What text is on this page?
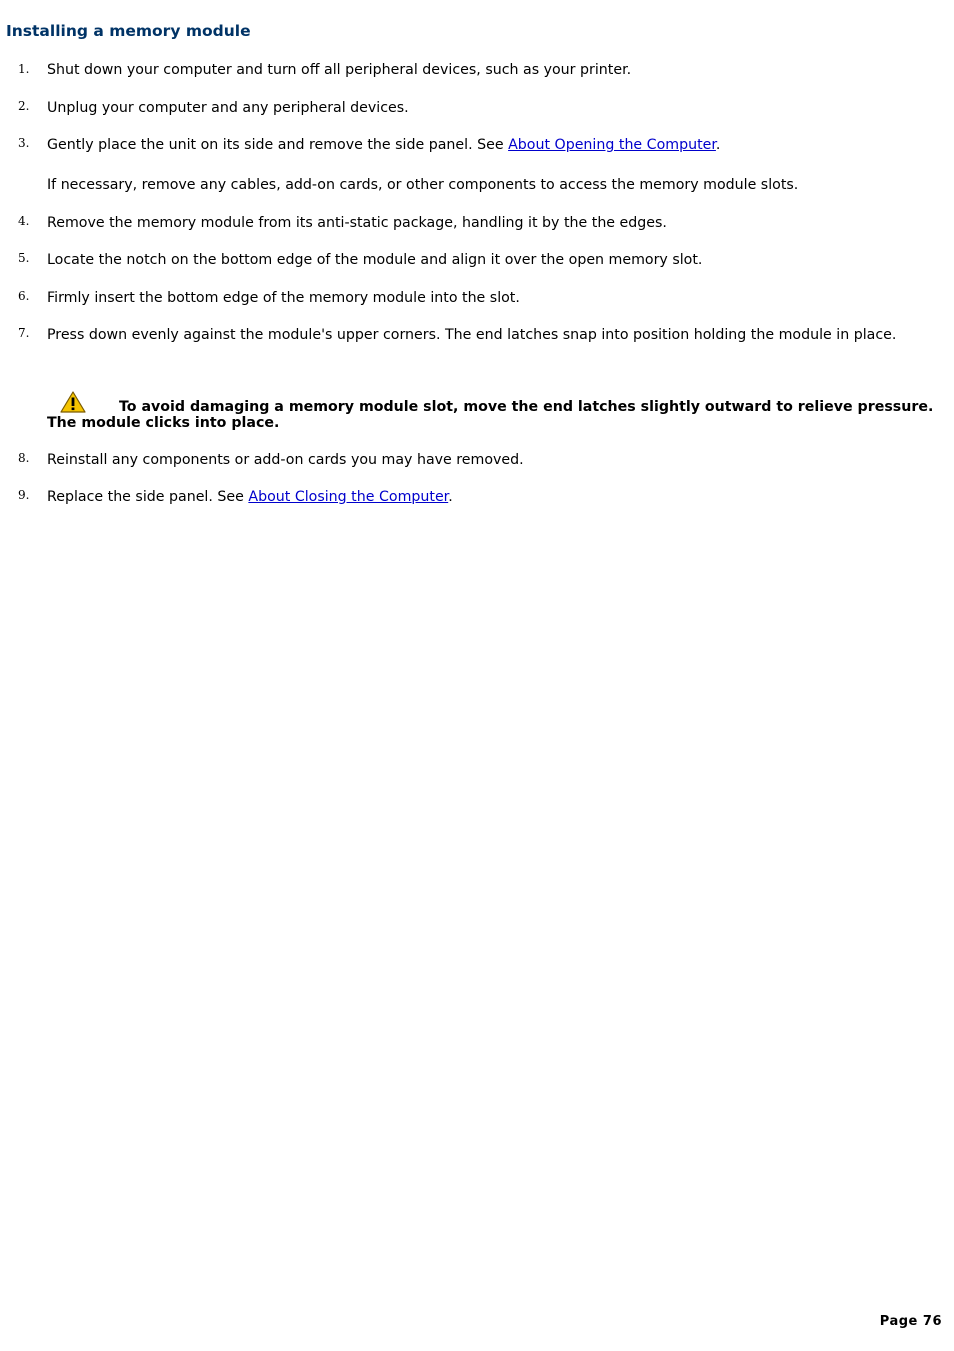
Installing a memory module
1. Shut down your computer and turn off all peripheral devices, such as your printer.
2. Unplug your computer and any peripheral devices.
3. Gently place the unit on its side and remove the side panel. See About Opening the Computer.
If necessary, remove any cables, add-on cards, or other components to access the memory module slots.
4. Remove the memory module from its anti-static package, handling it by the the edges.
5. Locate the notch on the bottom edge of the module and align it over the open memory slot.
6. Firmly insert the bottom edge of the memory module into the slot.
7. Press down evenly against the module's upper corners. The end latches snap into position holding the module in place.
To avoid damaging a memory module slot, move the end latches slightly outward to relieve pressure. The module clicks into place.
8. Reinstall any components or add-on cards you may have removed.
9. Replace the side panel. See About Closing the Computer.
Page 76
